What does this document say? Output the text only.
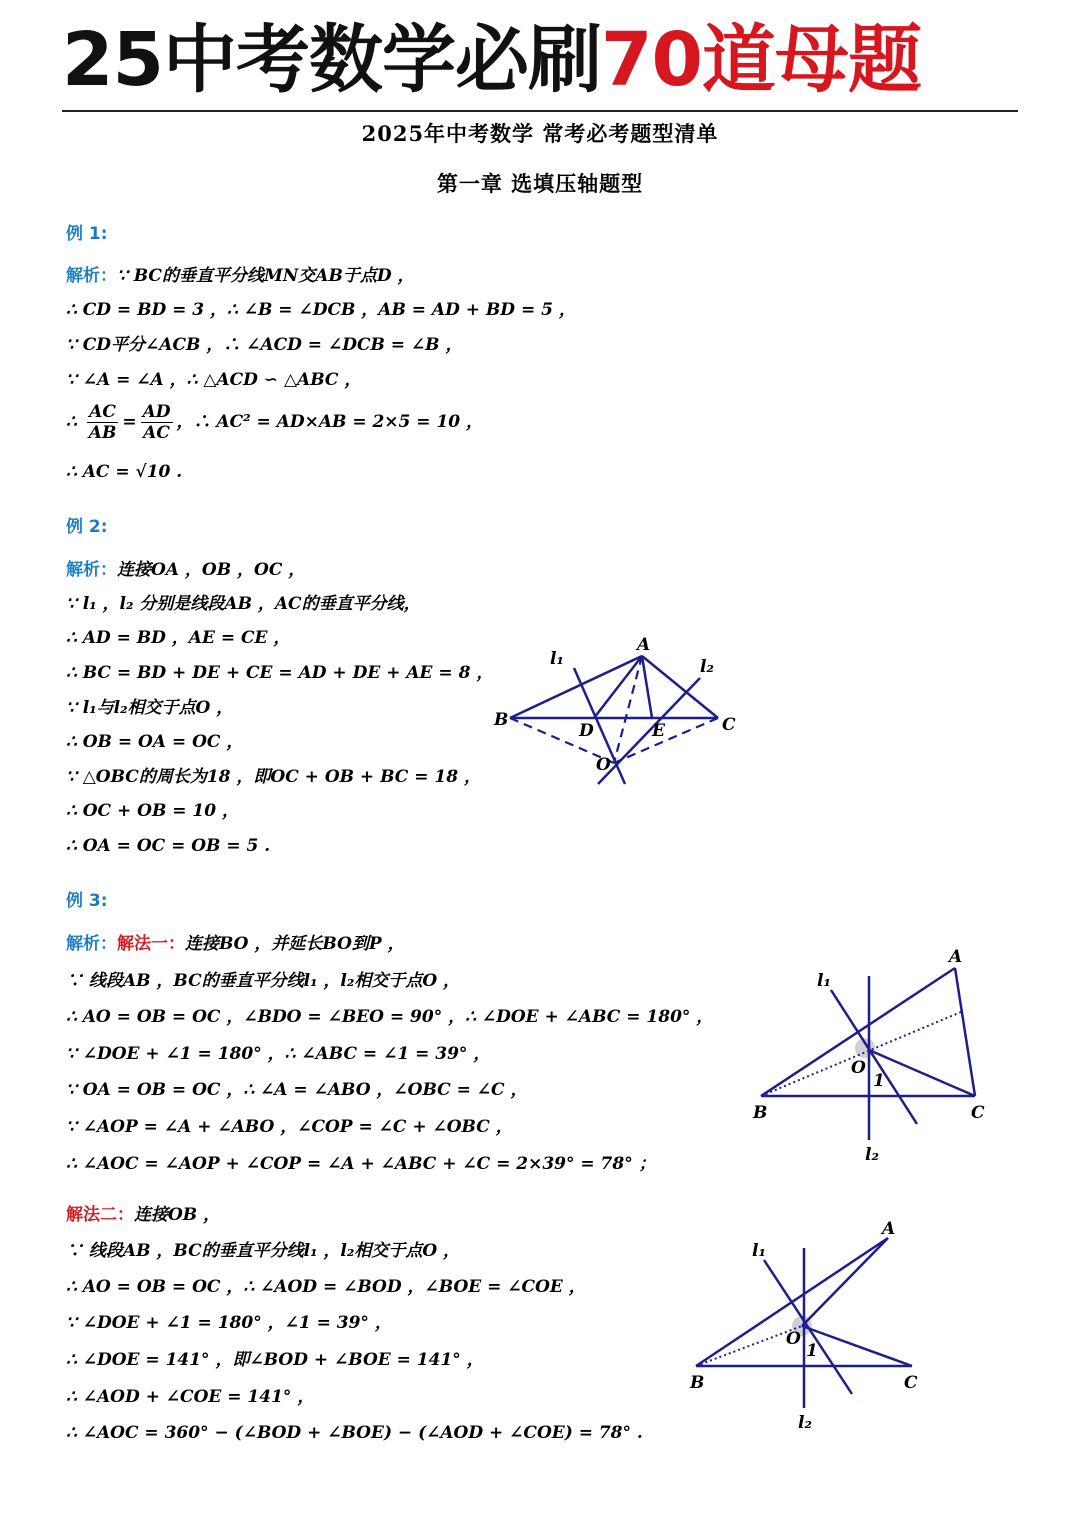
25中考数学必刷70道母题
2025年中考数学 常考必考题型清单
第一章 选填压轴题型
例 1:
解析：∵ BC的垂直平分线MN交AB于点D ，
∴ CD = BD = 3 ，∴ ∠B = ∠DCB ，AB = AD + BD = 5 ，
∵ CD平分∠ACB ，∴ ∠ACD = ∠DCB = ∠B ，
∵ ∠A = ∠A ，∴ △ACD ∽ △ABC ，
∴ $\frac{AC}{AB} = \frac{AD}{AC}$ ，∴ AC² = AD×AB = 2×5 = 10 ，
∴ AC = √10 .
例 2:
解析：连接OA ，OB ，OC ，
∵ l₁ ，l₂ 分别是线段AB ，AC的垂直平分线，
∴ AD = BD ，AE = CE ，
∴ BC = BD + DE + CE = AD + DE + AE = 8 ，
∵ l₁与l₂相交于点O ，
∴ OB = OA = OC ，
∵ △OBC的周长为18 ，即OC + OB + BC = 18 ，
∴ OC + OB = 10 ，
∴ OA = OC = OB = 5 .
A
B	C
D	E
O
l₁	l₂
例 3:
解析：解法一：连接BO ，并延长BO到P ，
∵ 线段AB ，BC的垂直平分线l₁ ，l₂相交于点O ，
∴ AO = OB = OC ，∠BDO = ∠BEO = 90° ，∴ ∠DOE + ∠ABC = 180° ，
∵ ∠DOE + ∠1 = 180° ，∴ ∠ABC = ∠1 = 39° ，
∵ OA = OB = OC ，∴ ∠A = ∠ABO ，∠OBC = ∠C ，
∵ ∠AOP = ∠A + ∠ABO ，∠COP = ∠C + ∠OBC ，
∴ ∠AOC = ∠AOP + ∠COP = ∠A + ∠ABC + ∠C = 2×39° = 78° ；
解法二：连接OB ，
∵ 线段AB ，BC的垂直平分线l₁ ，l₂相交于点O ，
∴ AO = OB = OC ，∴ ∠AOD = ∠BOD ，∠BOE = ∠COE ，
∵ ∠DOE + ∠1 = 180° ，∠1 = 39° ，
∴ ∠DOE = 141° ，即∠BOD + ∠BOE = 141° ，
∴ ∠AOD + ∠COE = 141° ，
∴ ∠AOC = 360° − (∠BOD + ∠BOE) − (∠AOD + ∠COE) = 78° .
A
B	C
O
1
l₁
l₂
A
B	C
O
1
l₁
l₂
